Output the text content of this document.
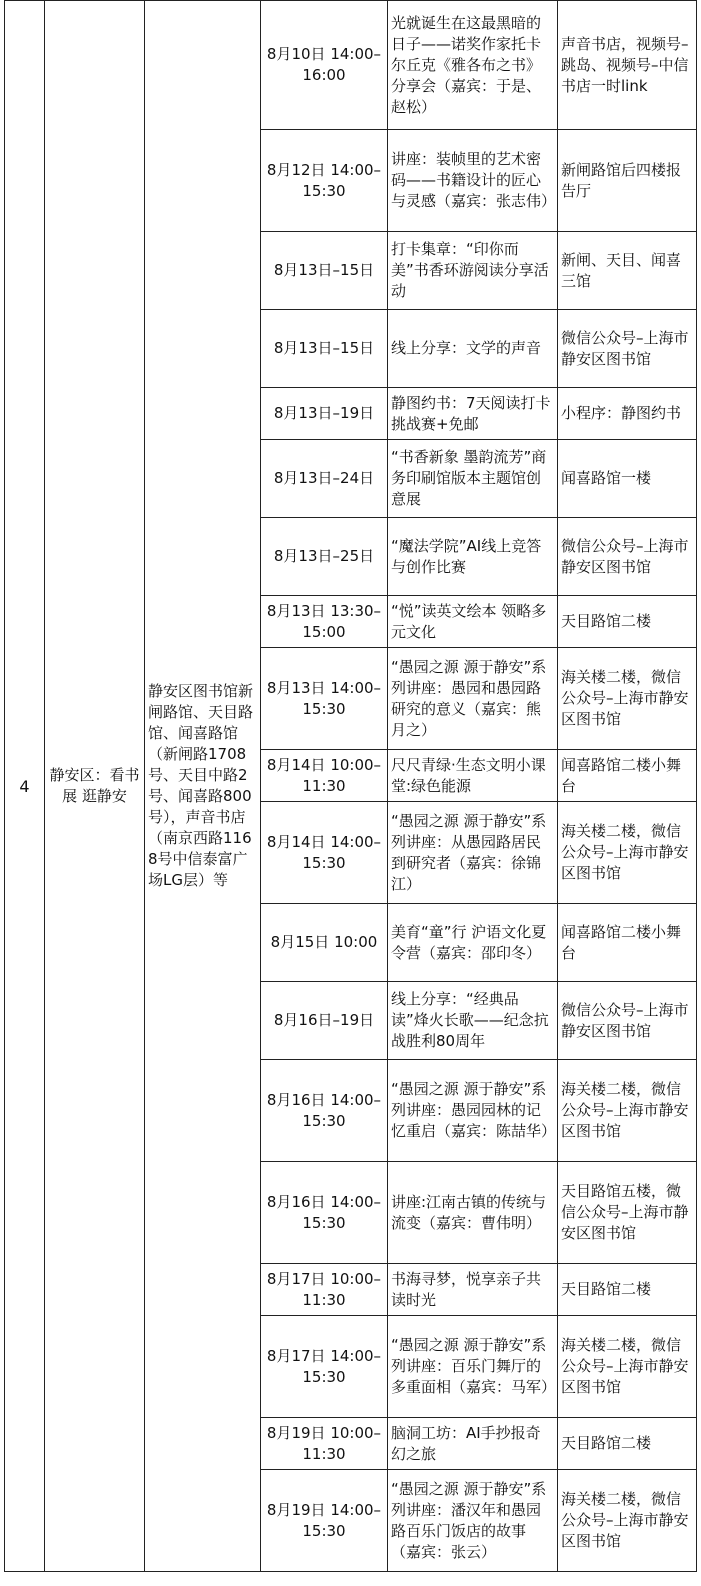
4	静安区：看书展 逛静安	静安区图书馆新闸路馆、天目路馆、闻喜路馆（新闸路1708号、天目中路2号、闻喜路800号），声音书店（南京西路1168号中信泰富广场LG层）等	8月10日 14:00–16:00	光就诞生在这最黑暗的日子——诺奖作家托卡尔丘克《雅各布之书》分享会（嘉宾：于是、赵松）	声音书店，视频号–跳岛、视频号–中信书店一时link
			8月12日 14:00–15:30	讲座：装帧里的艺术密码——书籍设计的匠心与灵感（嘉宾：张志伟）	新闸路馆后四楼报告厅
			8月13日–15日	打卡集章：“印你而美”书香环游阅读分享活动	新闸、天目、闻喜三馆
			8月13日–15日	线上分享：文学的声音	微信公众号–上海市静安区图书馆
			8月13日–19日	静图约书：7天阅读打卡挑战赛+免邮	小程序：静图约书
			8月13日–24日	“书香新象 墨韵流芳”商务印刷馆版本主题馆创意展	闻喜路馆一楼
			8月13日–25日	“魔法学院”AI线上竞答与创作比赛	微信公众号–上海市静安区图书馆
			8月13日 13:30–15:00	“悦”读英文绘本 领略多元文化	天目路馆二楼
			8月13日 14:00–15:30	“愚园之源 源于静安”系列讲座：愚园和愚园路研究的意义（嘉宾：熊月之）	海关楼二楼，微信公众号–上海市静安区图书馆
			8月14日 10:00–11:30	尺尺青绿·生态文明小课堂:绿色能源	闻喜路馆二楼小舞台
			8月14日 14:00–15:30	“愚园之源 源于静安”系列讲座：从愚园路居民到研究者（嘉宾：徐锦江）	海关楼二楼，微信公众号–上海市静安区图书馆
			8月15日 10:00	美育“童”行 沪语文化夏令营（嘉宾：邵印冬）	闻喜路馆二楼小舞台
			8月16日–19日	线上分享：“经典品读”烽火长歌——纪念抗战胜利80周年	微信公众号–上海市静安区图书馆
			8月16日 14:00–15:30	“愚园之源 源于静安”系列讲座：愚园园林的记忆重启（嘉宾：陈喆华）	海关楼二楼，微信公众号–上海市静安区图书馆
			8月16日 14:00–15:30	讲座:江南古镇的传统与流变（嘉宾：曹伟明）	天目路馆五楼，微信公众号–上海市静安区图书馆
			8月17日 10:00–11:30	书海寻梦，悦享亲子共读时光	天目路馆二楼
			8月17日 14:00–15:30	“愚园之源 源于静安”系列讲座：百乐门舞厅的多重面相（嘉宾：马军）	海关楼二楼，微信公众号–上海市静安区图书馆
			8月19日 10:00–11:30	脑洞工坊：AI手抄报奇幻之旅	天目路馆二楼
			8月19日 14:00–15:30	“愚园之源 源于静安”系列讲座：潘汉年和愚园路百乐门饭店的故事（嘉宾：张云）	海关楼二楼，微信公众号–上海市静安区图书馆
